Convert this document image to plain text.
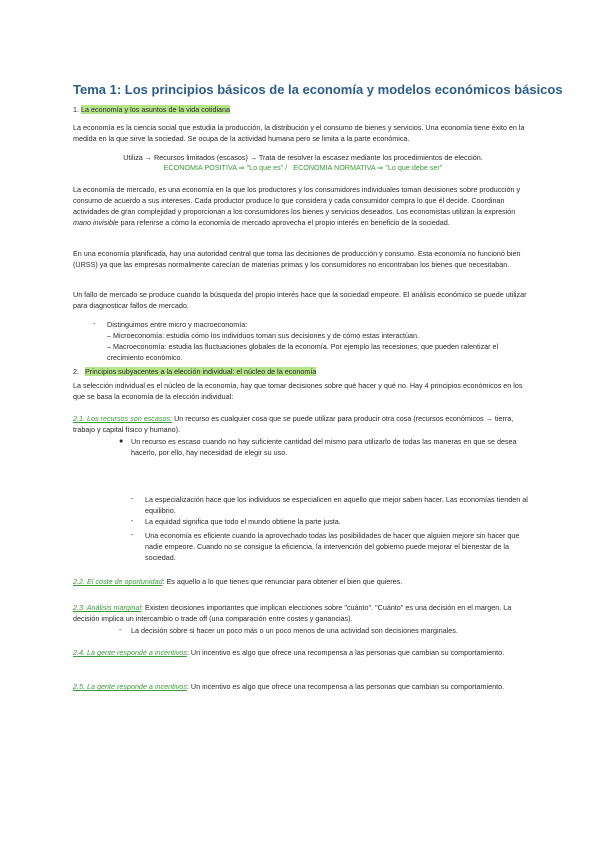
Tema 1: Los principios básicos de la economía y modelos económicos básicos
1. La economía y los asuntos de la vida cotidiana
La economía es la ciencia social que estudia la producción, la distribución y el consumo de bienes y servicios. Una economía tiene éxito en la medida en la que sirve la sociedad. Se ocupa de la actividad humana pero se limita a la parte económica.
Utiliza → Recursos limitados (escasos) → Trata de resolver la escasez mediante los procedimientos de elección.
ECONOMIA POSITIVA ⇒ "Lo que es" / ECONOMIA NORMATIVA ⇒ "Lo que debe ser"
La economía de mercado, es una economía en la que los productores y los consumidores individuales toman decisiones sobre producción y consumo de acuerdo a sus intereses. Cada productor produce lo que considera y cada consumidor compra lo que él decide. Coordinan actividades de gran complejidad y proporcionan a los consumidores los bienes y servicios deseados. Los economistas utilizan la expresión mano invisible para referirse a cómo la economía de mercado aprovecha el propio interés en beneficio de la sociedad.
En una economía planificada, hay una autoridad central que toma las decisiones de producción y consumo. Esta economía no funcionó bien (URSS) ya que las empresas normalmente carecían de materias primas y los consumidores no encontraban los bienes que necesitaban.
Un fallo de mercado se produce cuando la búsqueda del propio interés hace que la sociedad empeore. El análisis económico se puede utilizar para diagnosticar fallos de mercado.
- Distinguimos entre micro y macroeconomía:
– Microeconomía: estudia cómo los individuos toman sus decisiones y de cómo estas interactúan.
– Macroeconomía: estudia las fluctuaciones globales de la economía. Por ejemplo las recesiones, que pueden ralentizar el crecimiento económico.
2. Principios subyacentes a la elección individual: el núcleo de la economía
La selección individual es el núcleo de la economía, hay que tomar decisiones sobre qué hacer y qué no. Hay 4 principios económicos en los que se basa la economía de la elección individual:
2.1. Los recursos son escasos: Un recurso es cualquier cosa que se puede utilizar para producir otra cosa (recursos económicos → tierra, trabajo y capital físico y humano).
● Un recurso es escaso cuando no hay suficiente cantidad del mismo para utilizarlo de todas las maneras en que se desea hacerlo, por ello, hay necesidad de elegir su uso.
- La especialización hace que los individuos se especialicen en aquello que mejor saben hacer. Las economías tienden al equilibrio.
- La equidad significa que todo el mundo obtiene la parte justa.
- Una economía es eficiente cuando la aprovechado todas las posibilidades de hacer que alguien mejore sin hacer que nadie empeore. Cuando no se consigue la eficiencia, la intervención del gobierno puede mejorar el bienestar de la sociedad.
2.2. El coste de oportunidad: Es aquello a lo que tienes que renunciar para obtener el bien que quieres.
2.3. Análisis marginal: Existen decisiones importantes que implican elecciones sobre "cuánto". "Cuánto" es una decisión en el margen. La decisión implica un intercambio o trade off (una comparación entre costes y ganancias).
- La decisión sobre si hacer un poco más o un poco menos de una actividad son decisiones marginales.
2.4. La gente responde a incentivos: Un incentivo es algo que ofrece una recompensa a las personas que cambian su comportamiento.
2.5. La gente responde a incentivos: Un incentivo es algo que ofrece una recompensa a las personas que cambian su comportamiento.
